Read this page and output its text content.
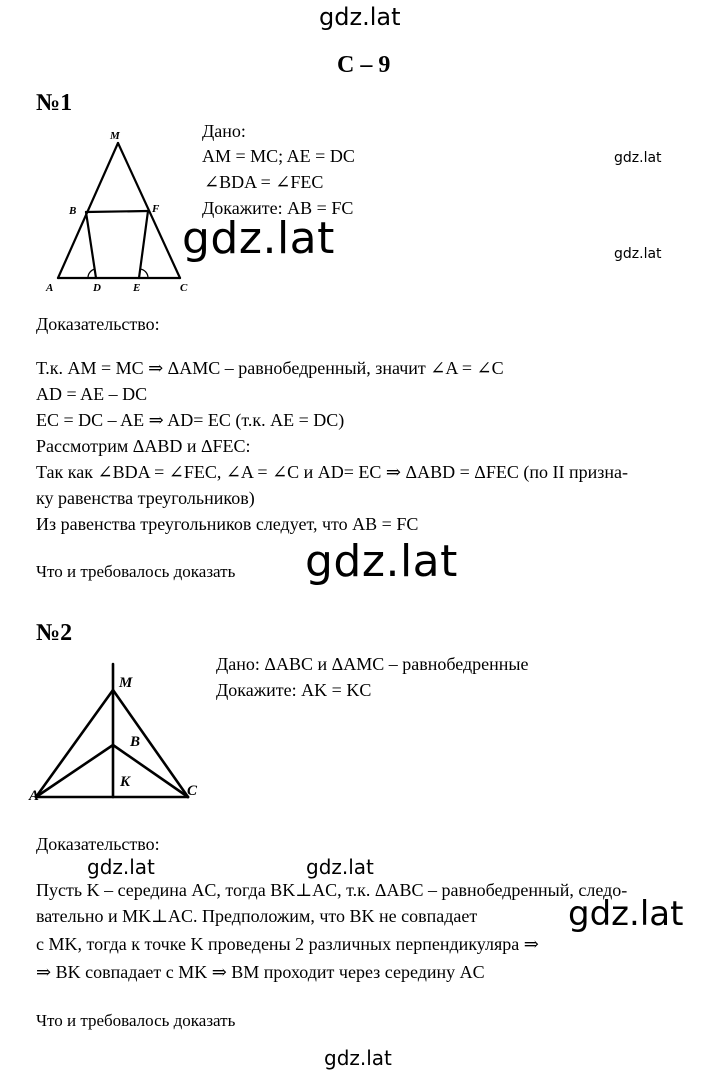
gdz.lat
С – 9
№1
M
B	F
A	D	E	C
Дано:
AM = MC; AE = DC
∠BDA = ∠FEC
Докажите: AB = FC
gdz.lat
gdz.lat	gdz.lat
Доказательство:
Т.к. AM = MC ⇒ ΔAMC – равнобедренный, значит ∠A = ∠C
AD = AE – DC
EC = DC – AE ⇒ AD= EC (т.к. AE = DC)
Рассмотрим ΔABD и ΔFEC:
Так как ∠BDA = ∠FEC, ∠A = ∠C и AD= EC ⇒ ΔABD = ΔFEC (по II призна-
ку равенства треугольников)
Из равенства треугольников следует, что AB = FC
Что и требовалось доказать gdz.lat
№2
M
B
K
A	C
Дано: ΔABC и ΔAMC – равнобедренные
Докажите: AK = KC
Доказательство:
gdz.lat	gdz.lat
Пусть K – середина AC, тогда BK⊥AC, т.к. ΔABC – равнобедренный, следо-
вательно и MK⊥AC. Предположим, что BK не совпадает	gdz.lat
с MK, тогда к точке K проведены 2 различных перпендикуляра ⇒
⇒ BK совпадает с MK ⇒ BM проходит через середину AC
Что и требовалось доказать
gdz.lat
